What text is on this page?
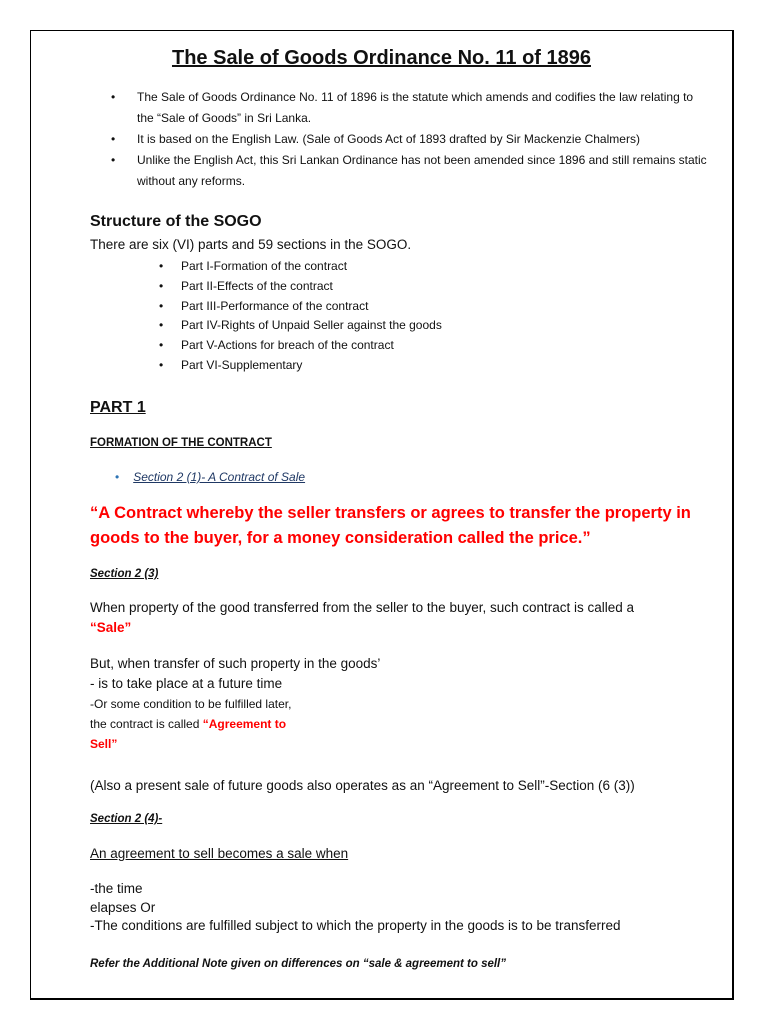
The Sale of Goods Ordinance No. 11 of 1896

• The Sale of Goods Ordinance No. 11 of 1896 is the statute which amends and codifies the law relating to the “Sale of Goods” in Sri Lanka.
• It is based on the English Law. (Sale of Goods Act of 1893 drafted by Sir Mackenzie Chalmers)
• Unlike the English Act, this Sri Lankan Ordinance has not been amended since 1896 and still remains static without any reforms.

Structure of the SOGO

There are six (VI) parts and 59 sections in the SOGO.

• Part I-Formation of the contract
• Part II-Effects of the contract
• Part III-Performance of the contract
• Part IV-Rights of Unpaid Seller against the goods
• Part V-Actions for breach of the contract
• Part VI-Supplementary

PART 1

FORMATION OF THE CONTRACT

• Section 2 (1)- A Contract of Sale

“A Contract whereby the seller transfers or agrees to transfer the property in goods to the buyer, for a money consideration called the price.”

Section 2 (3)

When property of the good transferred from the seller to the buyer, such contract is called a

“Sale”

But, when transfer of such property in the goods’

- is to take place at a future time

-Or some condition to be fulfilled later,

the contract is called “Agreement to

Sell”

(Also a present sale of future goods also operates as an “Agreement to Sell”-Section (6 (3))

Section 2 (4)-

An agreement to sell becomes a sale when

-the time

elapses Or

-The conditions are fulfilled subject to which the property in the goods is to be transferred

Refer the Additional Note given on differences on “sale & agreement to sell”
